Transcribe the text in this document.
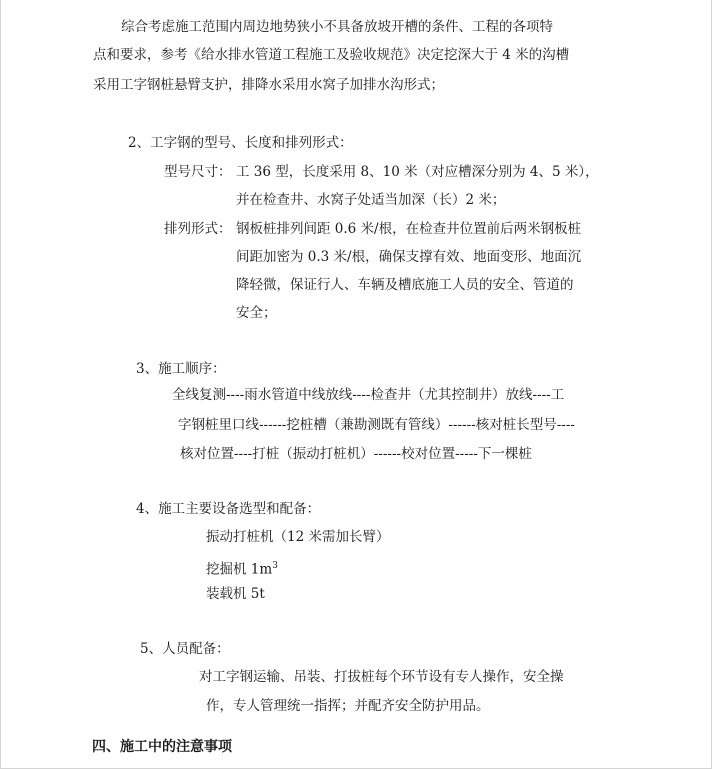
综合考虑施工范围内周边地势狭小不具备放坡开槽的条件、工程的各项特
点和要求，参考《给水排水管道工程施工及验收规范》决定挖深大于 4 米的沟槽
采用工字钢桩悬臂支护，排降水采用水窝子加排水沟形式；
2、工字钢的型号、长度和排列形式：
型号尺寸： 工 36 型，长度采用 8、10 米（对应槽深分别为 4、5 米），
并在检查井、水窝子处适当加深（长）2 米；
排列形式： 钢板桩排列间距 0.6 米/根，在检查井位置前后两米钢板桩
间距加密为 0.3 米/根，确保支撑有效、地面变形、地面沉
降轻微，保证行人、车辆及槽底施工人员的安全、管道的
安全；
3、施工顺序：
全线复测----雨水管道中线放线----检查井（尤其控制井）放线----工
字钢桩里口线------挖桩槽（兼勘测既有管线）------核对桩长型号----
核对位置----打桩（振动打桩机）------校对位置-----下一棵桩
4、施工主要设备选型和配备：
振动打桩机（12 米需加长臂）
挖掘机 $1m^3$
装载机 5t
5、人员配备：
对工字钢运输、吊装、打拔桩每个环节设有专人操作，安全操
作，专人管理统一指挥；并配齐安全防护用品。
四、施工中的注意事项
